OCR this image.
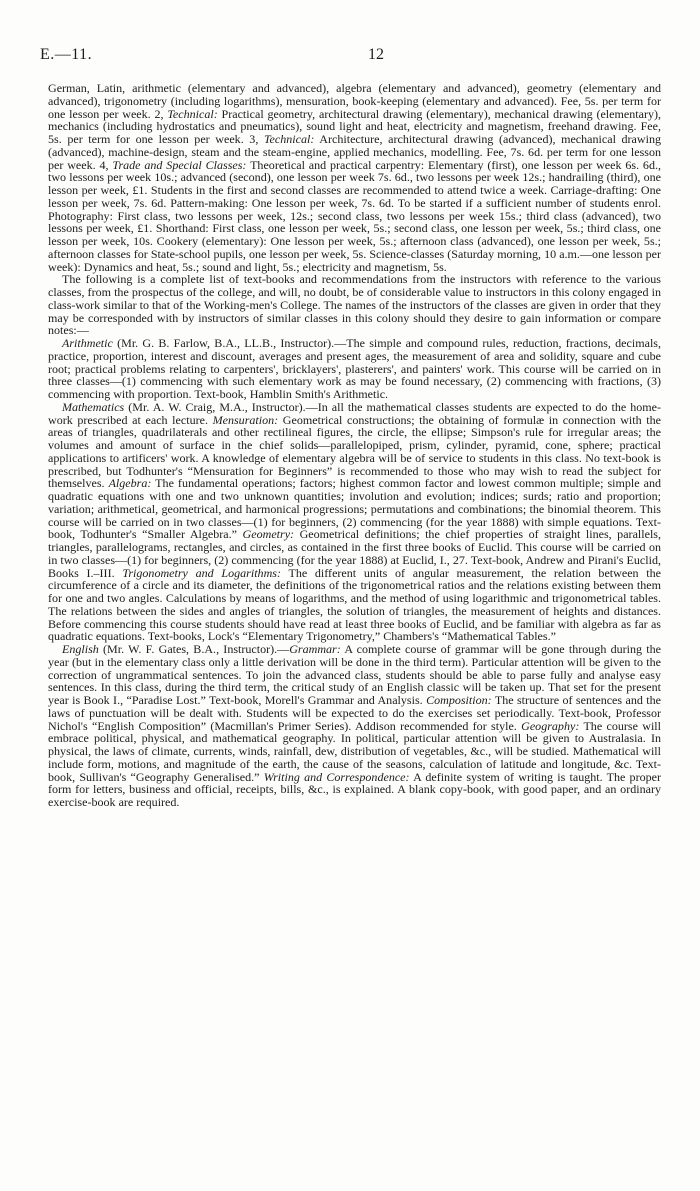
E.—11.	12

German, Latin, arithmetic (elementary and advanced), algebra (elementary and advanced), geometry (elementary and advanced), trigonometry (including logarithms), mensuration, book-keeping (elementary and advanced). Fee, 5s. per term for one lesson per week. 2, Technical: Practical geometry, architectural drawing (elementary), mechanical drawing (elementary), mechanics (including hydrostatics and pneumatics), sound light and heat, electricity and magnetism, freehand drawing. Fee, 5s. per term for one lesson per week. 3, Technical: Architecture, architectural drawing (advanced), mechanical drawing (advanced), machine-design, steam and the steam-engine, applied mechanics, modelling. Fee, 7s. 6d. per term for one lesson per week. 4, Trade and Special Classes: Theoretical and practical carpentry: Elementary (first), one lesson per week 6s. 6d., two lessons per week 10s.; advanced (second), one lesson per week 7s. 6d., two lessons per week 12s.; handrailing (third), one lesson per week, £1. Students in the first and second classes are recommended to attend twice a week. Carriage-drafting: One lesson per week, 7s. 6d. Pattern-making: One lesson per week, 7s. 6d. To be started if a sufficient number of students enrol. Photography: First class, two lessons per week, 12s.; second class, two lessons per week 15s.; third class (advanced), two lessons per week, £1. Shorthand: First class, one lesson per week, 5s.; second class, one lesson per week, 5s.; third class, one lesson per week, 10s. Cookery (elementary): One lesson per week, 5s.; afternoon class (advanced), one lesson per week, 5s.; afternoon classes for State-school pupils, one lesson per week, 5s. Science-classes (Saturday morning, 10 a.m.—one lesson per week): Dynamics and heat, 5s.; sound and light, 5s.; electricity and magnetism, 5s.

The following is a complete list of text-books and recommendations from the instructors with reference to the various classes, from the prospectus of the college, and will, no doubt, be of considerable value to instructors in this colony engaged in class-work similar to that of the Working-men's College. The names of the instructors of the classes are given in order that they may be corresponded with by instructors of similar classes in this colony should they desire to gain information or compare notes:—

Arithmetic (Mr. G. B. Farlow, B.A., LL.B., Instructor).—The simple and compound rules, reduction, fractions, decimals, practice, proportion, interest and discount, averages and present ages, the measurement of area and solidity, square and cube root; practical problems relating to carpenters', bricklayers', plasterers', and painters' work. This course will be carried on in three classes—(1) commencing with such elementary work as may be found necessary, (2) commencing with fractions, (3) commencing with proportion. Text-book, Hamblin Smith's Arithmetic.

Mathematics (Mr. A. W. Craig, M.A., Instructor).—In all the mathematical classes students are expected to do the home-work prescribed at each lecture. Mensuration: Geometrical constructions; the obtaining of formulæ in connection with the areas of triangles, quadrilaterals and other rectilineal figures, the circle, the ellipse; Simpson's rule for irregular areas; the volumes and amount of surface in the chief solids—parallelopiped, prism, cylinder, pyramid, cone, sphere; practical applications to artificers' work. A knowledge of elementary algebra will be of service to students in this class. No text-book is prescribed, but Todhunter's “Mensuration for Beginners” is recommended to those who may wish to read the subject for themselves. Algebra: The fundamental operations; factors; highest common factor and lowest common multiple; simple and quadratic equations with one and two unknown quantities; involution and evolution; indices; surds; ratio and proportion; variation; arithmetical, geometrical, and harmonical progressions; permutations and combinations; the binomial theorem. This course will be carried on in two classes—(1) for beginners, (2) commencing (for the year 1888) with simple equations. Text-book, Todhunter's “Smaller Algebra.” Geometry: Geometrical definitions; the chief properties of straight lines, parallels, triangles, parallelograms, rectangles, and circles, as contained in the first three books of Euclid. This course will be carried on in two classes—(1) for beginners, (2) commencing (for the year 1888) at Euclid, I., 27. Text-book, Andrew and Pirani's Euclid, Books I.–III. Trigonometry and Logarithms: The different units of angular measurement, the relation between the circumference of a circle and its diameter, the definitions of the trigonometrical ratios and the relations existing between them for one and two angles. Calculations by means of logarithms, and the method of using logarithmic and trigonometrical tables. The relations between the sides and angles of triangles, the solution of triangles, the measurement of heights and distances. Before commencing this course students should have read at least three books of Euclid, and be familiar with algebra as far as quadratic equations. Text-books, Lock's “Elementary Trigonometry,” Chambers's “Mathematical Tables.”

English (Mr. W. F. Gates, B.A., Instructor).—Grammar: A complete course of grammar will be gone through during the year (but in the elementary class only a little derivation will be done in the third term). Particular attention will be given to the correction of ungrammatical sentences. To join the advanced class, students should be able to parse fully and analyse easy sentences. In this class, during the third term, the critical study of an English classic will be taken up. That set for the present year is Book I., “Paradise Lost.” Text-book, Morell's Grammar and Analysis. Composition: The structure of sentences and the laws of punctuation will be dealt with. Students will be expected to do the exercises set periodically. Text-book, Professor Nichol's “English Composition” (Macmillan's Primer Series). Addison recommended for style. Geography: The course will embrace political, physical, and mathematical geography. In political, particular attention will be given to Australasia. In physical, the laws of climate, currents, winds, rainfall, dew, distribution of vegetables, &c., will be studied. Mathematical will include form, motions, and magnitude of the earth, the cause of the seasons, calculation of latitude and longitude, &c. Text-book, Sullivan's “Geography Generalised.” Writing and Correspondence: A definite system of writing is taught. The proper form for letters, business and official, receipts, bills, &c., is explained. A blank copy-book, with good paper, and an ordinary exercise-book are required.
